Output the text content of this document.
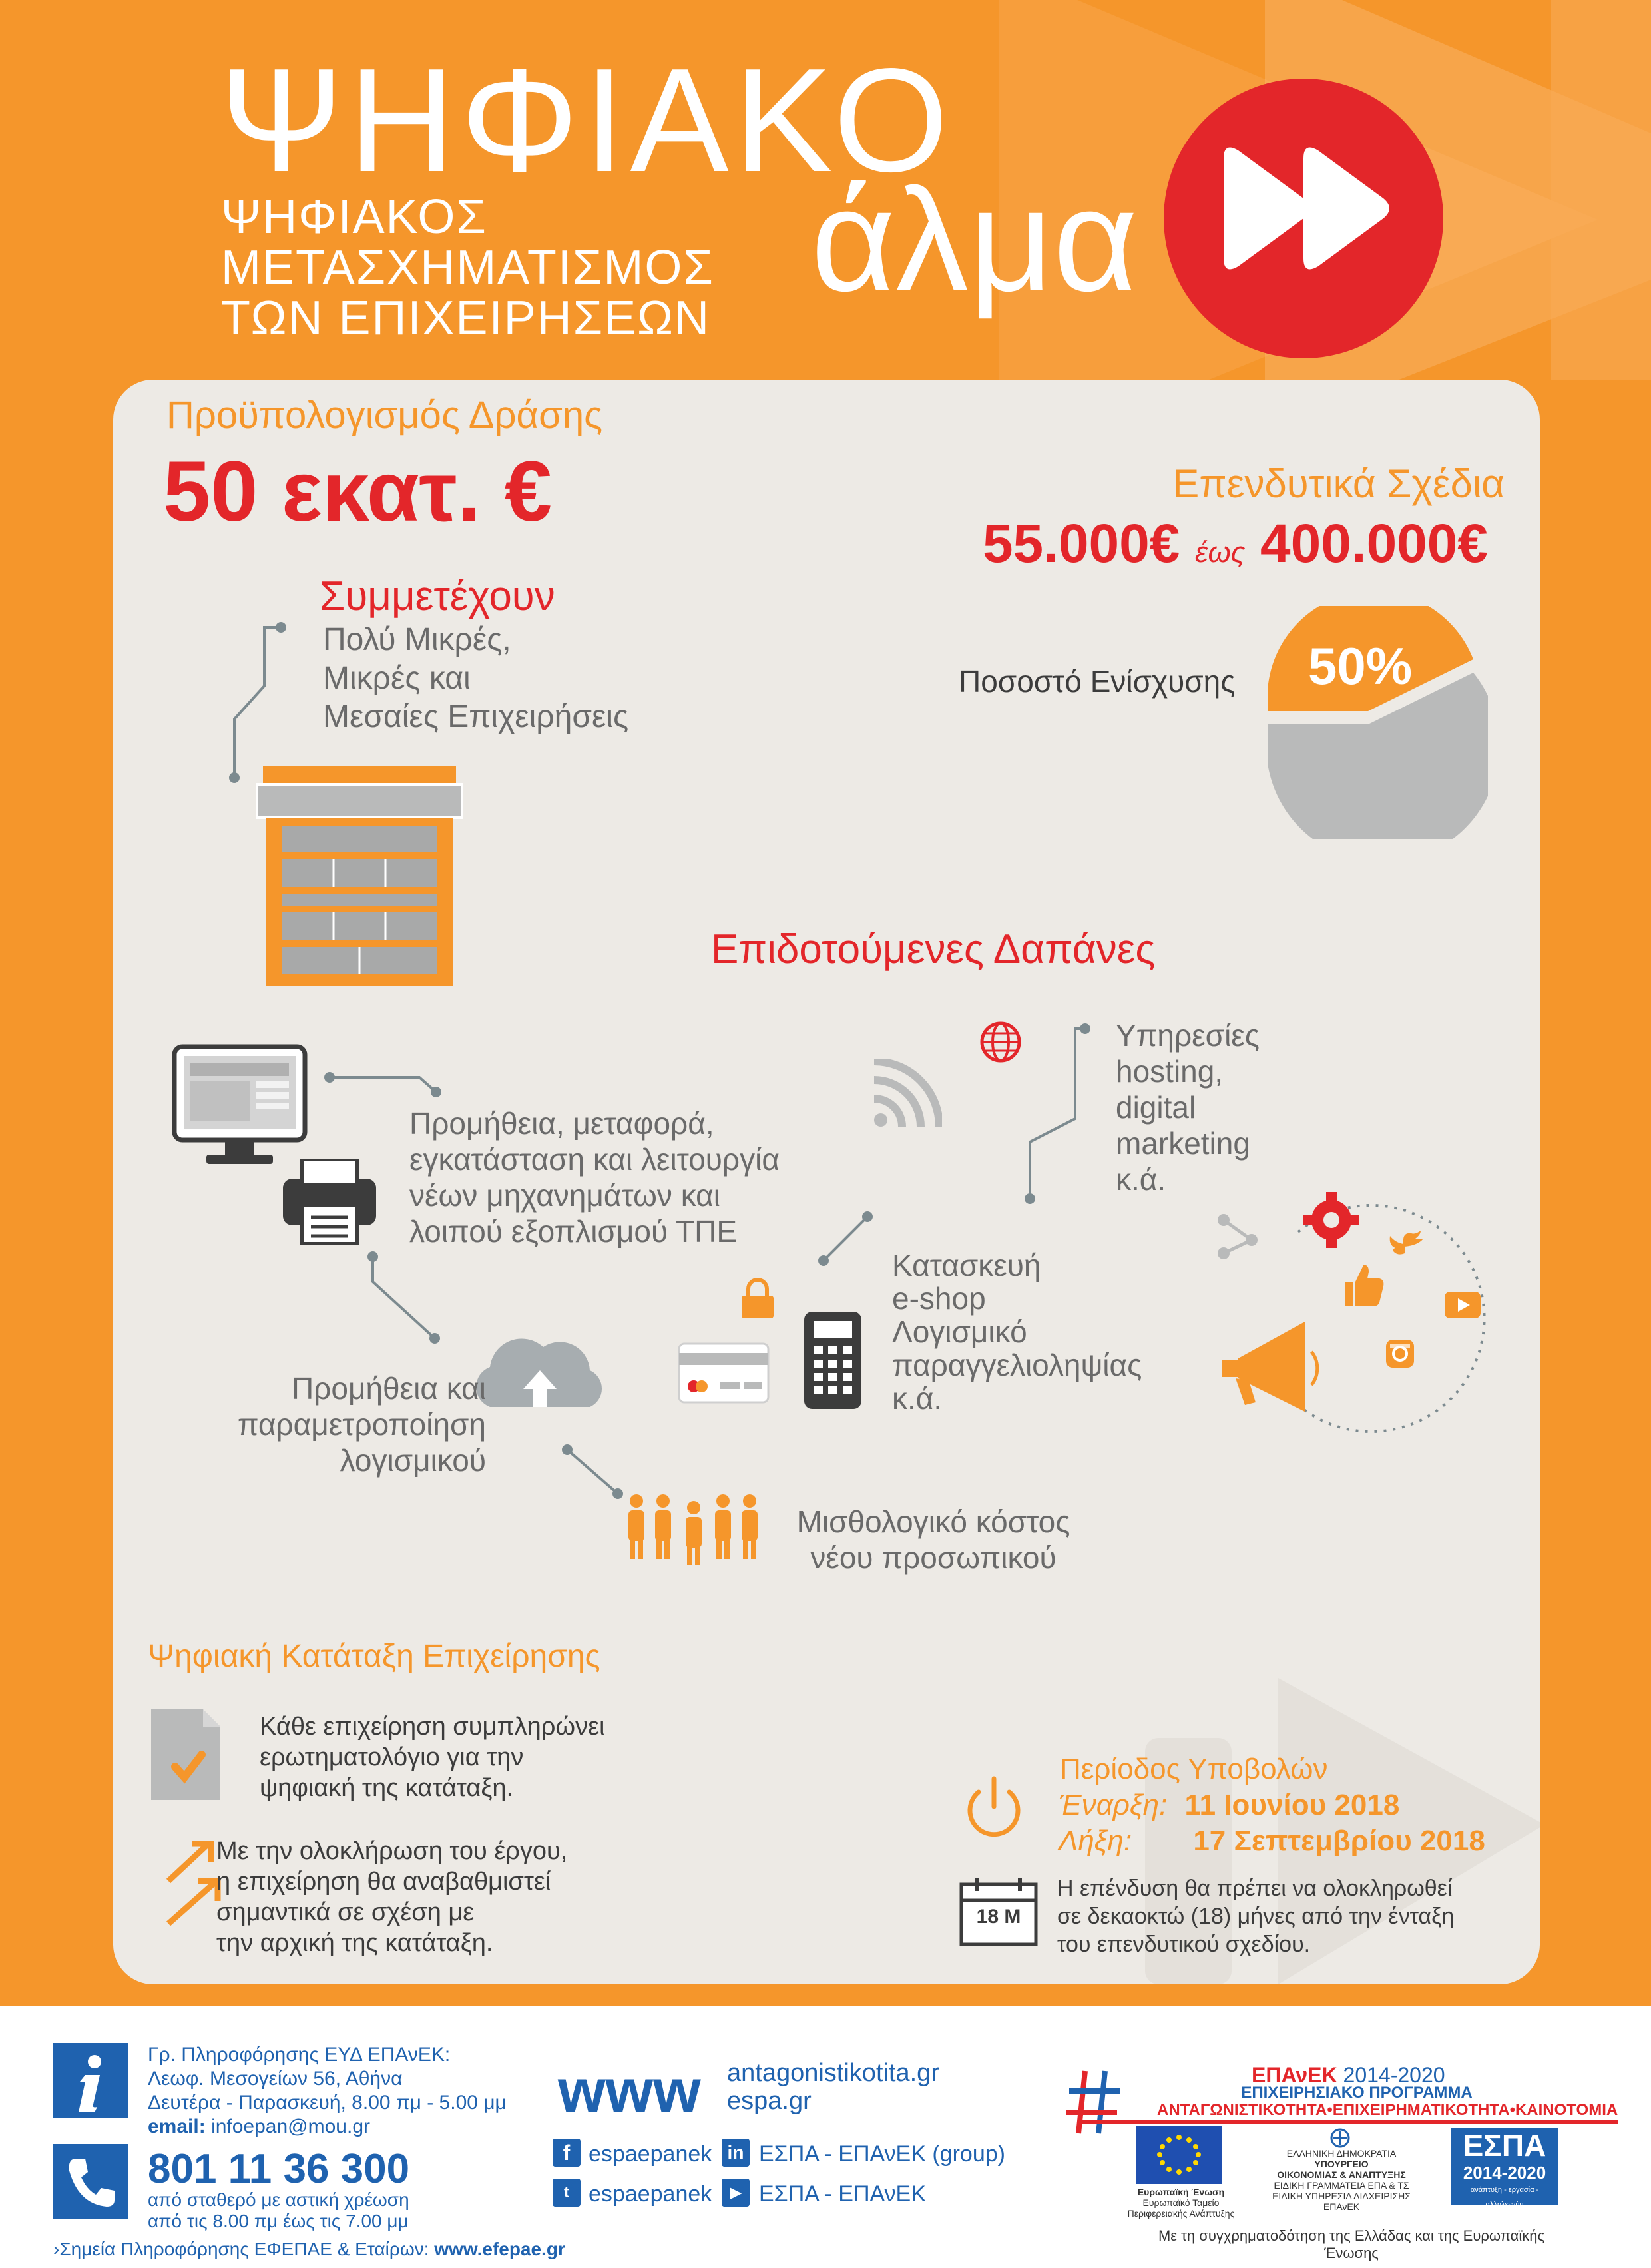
ΨΗΦΙΑΚΟ
ΨΗΦΙΑΚΟΣ
ΜΕΤΑΣΧΗΜΑΤΙΣΜΟΣ
ΤΩΝ ΕΠΙΧΕΙΡΗΣΕΩΝ άλμα
Προϋπολογισμός Δράσης
50 εκατ. €	Επενδυτικά Σχέδια
55.000€ έως 400.000€
Συμμετέχουν
Πολύ Μικρές,
Μικρές και
Μεσαίες Επιχειρήσεις
Ποσοστό Ενίσχυσης 50%
Επιδοτούμενες Δαπάνες
Υπηρεσίες
hosting,
digital
marketing
κ.ά.
Προμήθεια, μεταφορά,
εγκατάσταση και λειτουργία
νέων μηχανημάτων και
λοιπού εξοπλισμού ΤΠΕ
Κατασκευή
e-shop
Λογισμικό
παραγγελιοληψίας
κ.ά.
Προμήθεια και
παραμετροποίηση
λογισμικού
Μισθολογικό κόστος
νέου προσωπικού
Ψηφιακή Κατάταξη Επιχείρησης
Κάθε επιχείρηση συμπληρώνει
ερωτηματολόγιο για την
ψηφιακή της κατάταξη.
Με την ολοκλήρωση του έργου,
η επιχείρηση θα αναβαθμιστεί
σημαντικά σε σχέση με
την αρχική της κατάταξη.
Περίοδος Υποβολών
Έναρξη: 11 Ιουνίου 2018
Λήξη: 17 Σεπτεμβρίου 2018
18 M
Η επένδυση θα πρέπει να ολοκληρωθεί
σε δεκαοκτώ (18) μήνες από την ένταξη
του επενδυτικού σχεδίου.
Γρ. Πληροφόρησης ΕΥΔ ΕΠΑνΕΚ:
Λεωφ. Μεσογείων 56, Αθήνα
Δευτέρα - Παρασκευή, 8.00 πμ - 5.00 μμ
email: infoepan@mou.gr
801 11 36 300
από σταθερό με αστική χρέωση
από τις 8.00 πμ έως τις 7.00 μμ
›Σημεία Πληροφόρησης ΕΦΕΠΑΕ & Εταίρων: www.efepae.gr
www antagonistikotita.gr
espa.gr
f espaepanek
t espaepanek
in ΕΣΠΑ - ΕΠΑνΕΚ (group)
▶ ΕΣΠΑ - ΕΠΑνΕΚ
ΕΠΑνΕΚ 2014-2020
ΕΠΙΧΕΙΡΗΣΙΑΚΟ ΠΡΟΓΡΑΜΜΑ
ΑΝΤΑΓΩΝΙΣΤΙΚΟΤΗΤΑ•ΕΠΙΧΕΙΡΗΜΑΤΙΚΟΤΗΤΑ•ΚΑΙΝΟΤΟΜΙΑ
Ευρωπαϊκή Ένωση
Ευρωπαϊκό Ταμείο
Περιφερειακής Ανάπτυξης
ΕΛΛΗΝΙΚΗ ΔΗΜΟΚΡΑΤΙΑ
ΥΠΟΥΡΓΕΙΟ
ΟΙΚΟΝΟΜΙΑΣ & ΑΝΑΠΤΥΞΗΣ
ΕΙΔΙΚΗ ΓΡΑΜΜΑΤΕΙΑ ΕΠΑ & ΤΣ
ΕΙΔΙΚΗ ΥΠΗΡΕΣΙΑ ΔΙΑΧΕΙΡΙΣΗΣ ΕΠΑνΕΚ
ΕΣΠΑ
2014-2020
ανάπτυξη - εργασία - αλληλεγγύη
Με τη συγχρηματοδότηση της Ελλάδας και της Ευρωπαϊκής Ένωσης
